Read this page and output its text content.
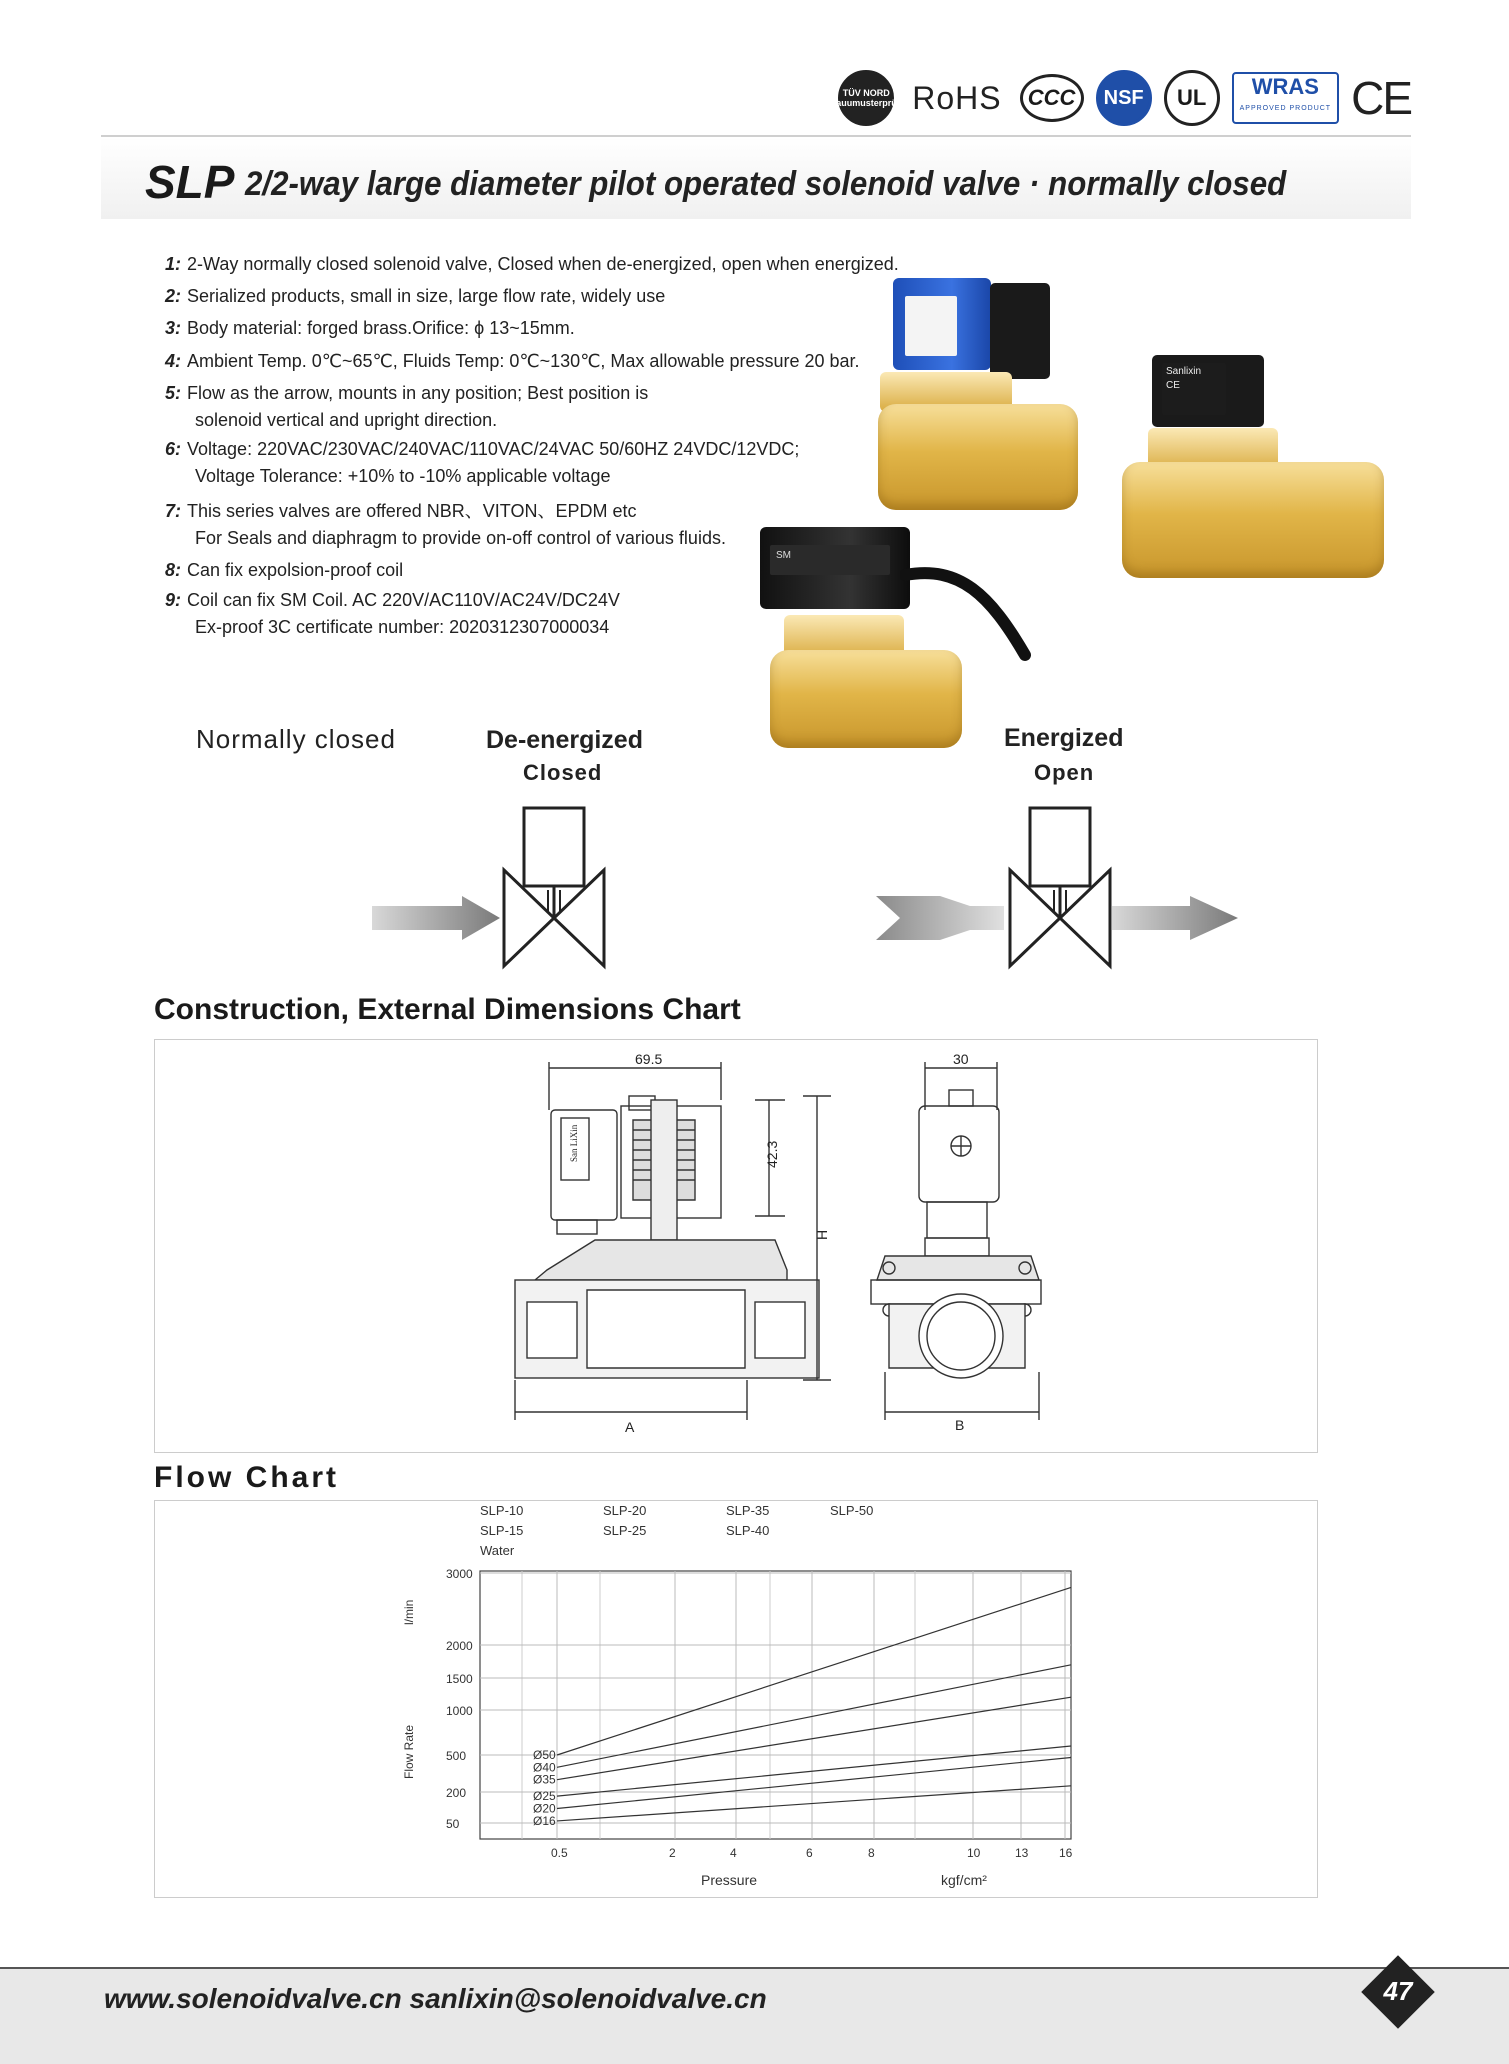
TÜV NORD
Bauumusterprüft RoHS	CCC	NSF	UL	WRAS
APPROVED PRODUCT CE
SLP 2/2-way large diameter pilot operated solenoid valve · normally closed
1: 2-Way normally closed solenoid valve, Closed when de-energized, open when energized.
2: Serialized products, small in size, large flow rate, widely use
3: Body material: forged brass.Orifice: ϕ 13~15mm.
4: Ambient Temp. 0℃~65℃, Fluids Temp: 0℃~130℃, Max allowable pressure 20 bar.
5: Flow as the arrow, mounts in any position; Best position is
solenoid vertical and upright direction.
6: Voltage: 220VAC/230VAC/240VAC/110VAC/24VAC 50/60HZ 24VDC/12VDC;
Voltage Tolerance: +10% to -10% applicable voltage
7: This series valves are offered NBR、VITON、EPDM etc
For Seals and diaphragm to provide on-off control of various fluids.
8: Can fix expolsion-proof coil
9: Coil can fix SM Coil. AC 220V/AC110V/AC24V/DC24V
Ex-proof 3C certificate number: 2020312307000034
Sanlixin
CE
SM
Normally closed	De-energized
Closed
Energized
Open
Construction, External Dimensions Chart
69.5
42.3
H
A
30
B
San LiXin
Flow Chart
SLP-10
SLP-15
SLP-20
SLP-25
SLP-35
SLP-40
SLP-50
Water
0.5	2	4	6	8	10	13	16
50
200
500
1000
1500
2000
3000
Ø50
Ø40
Ø35
Ø25
Ø20
Ø16
l/min
Flow Rate
Pressure	kgf/cm²
www.solenoidvalve.cn sanlixin@solenoidvalve.cn	47
